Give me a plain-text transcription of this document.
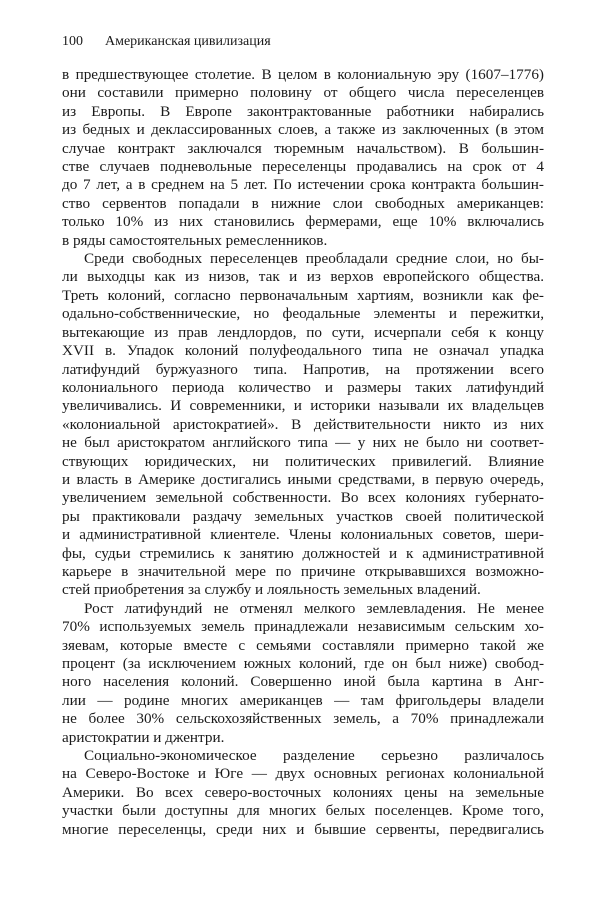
100 Американская цивилизация
в предшествующее столетие. В целом в колониальную эру (1607–1776)
они составили примерно половину от общего числа переселенцев
из Европы. В Европе законтрактованные работники набирались
из бедных и деклассированных слоев, а также из заключенных (в этом
случае контракт заключался тюремным начальством). В большин-
стве случаев подневольные переселенцы продавались на срок от 4
до 7 лет, а в среднем на 5 лет. По истечении срока контракта большин-
ство сервентов попадали в нижние слои свободных американцев:
только 10% из них становились фермерами, еще 10% включались
в ряды самостоятельных ремесленников.
Среди свободных переселенцев преобладали средние слои, но бы-
ли выходцы как из низов, так и из верхов европейского общества.
Треть колоний, согласно первоначальным хартиям, возникли как фе-
одально-собственнические, но феодальные элементы и пережитки,
вытекающие из прав лендлордов, по сути, исчерпали себя к концу
XVII в. Упадок колоний полуфеодального типа не означал упадка
латифундий буржуазного типа. Напротив, на протяжении всего
колониального периода количество и размеры таких латифундий
увеличивались. И современники, и историки называли их владельцев
«колониальной аристократией». В действительности никто из них
не был аристократом английского типа — у них не было ни соответ-
ствующих юридических, ни политических привилегий. Влияние
и власть в Америке достигались иными средствами, в первую очередь,
увеличением земельной собственности. Во всех колониях губернато-
ры практиковали раздачу земельных участков своей политической
и административной клиентеле. Члены колониальных советов, шери-
фы, судьи стремились к занятию должностей и к административной
карьере в значительной мере по причине открывавшихся возможно-
стей приобретения за службу и лояльность земельных владений.
Рост латифундий не отменял мелкого землевладения. Не менее
70% используемых земель принадлежали независимым сельским хо-
зяевам, которые вместе с семьями составляли примерно такой же
процент (за исключением южных колоний, где он был ниже) свобод-
ного населения колоний. Совершенно иной была картина в Анг-
лии — родине многих американцев — там фригольдеры владели
не более 30% сельскохозяйственных земель, а 70% принадлежали
аристократии и джентри.
Социально-экономическое разделение серьезно различалось
на Северо-Востоке и Юге — двух основных регионах колониальной
Америки. Во всех северо-восточных колониях цены на земельные
участки были доступны для многих белых поселенцев. Кроме того,
многие переселенцы, среди них и бывшие сервенты, передвигались
